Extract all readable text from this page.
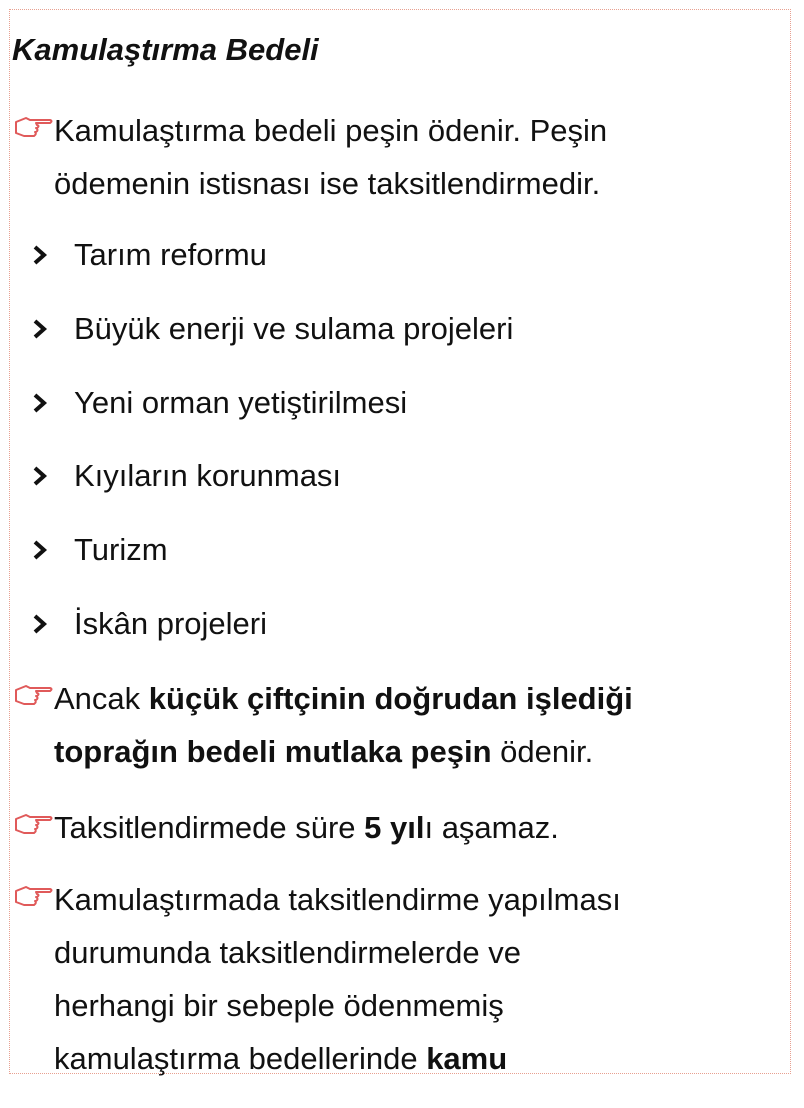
Kamulaştırma Bedeli
Kamulaştırma bedeli peşin ödenir. Peşin
ödemenin istisnası ise taksitlendirmedir.
Tarım reformu
Büyük enerji ve sulama projeleri
Yeni orman yetiştirilmesi
Kıyıların korunması
Turizm
İskân projeleri
Ancak küçük çiftçinin doğrudan işlediği
toprağın bedeli mutlaka peşin ödenir.
Taksitlendirmede süre 5 yılı aşamaz.
Kamulaştırmada taksitlendirme yapılması
durumunda taksitlendirmelerde ve
herhangi bir sebeple ödenmemiş
kamulaştırma bedellerinde kamu
